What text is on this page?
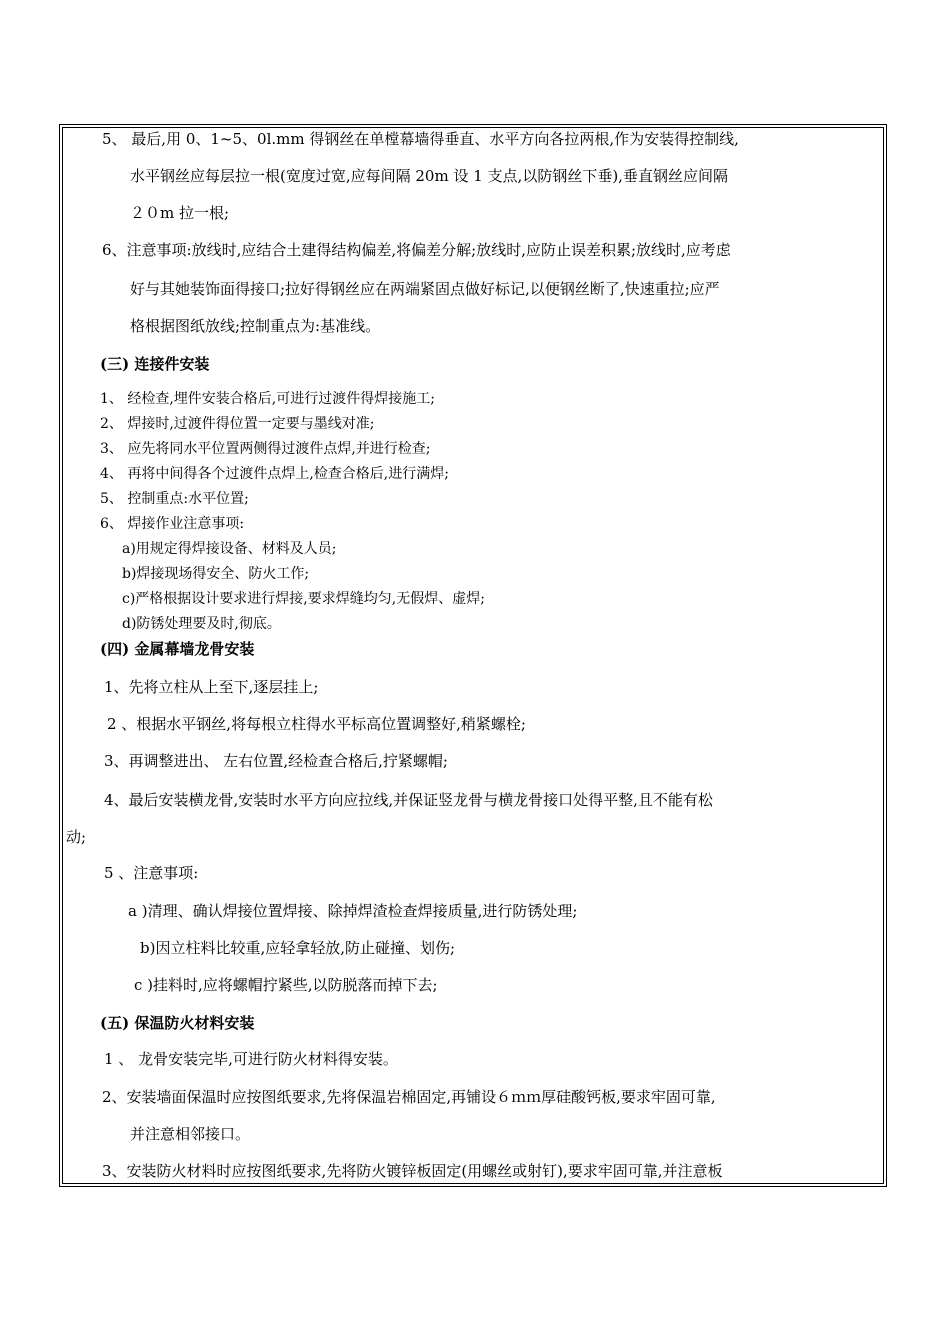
5、 最后,用 0、1~5、0l.mm 得钢丝在单樘幕墙得垂直、水平方向各拉两根,作为安装得控制线,
水平钢丝应每层拉一根(宽度过宽,应每间隔 20m 设 1 支点,以防钢丝下垂),垂直钢丝应间隔
２０m 拉一根;
6、注意事项:放线时,应结合土建得结构偏差,将偏差分解;放线时,应防止误差积累;放线时,应考虑
好与其她装饰面得接口;拉好得钢丝应在两端紧固点做好标记,以便钢丝断了,快速重拉;应严
格根据图纸放线;控制重点为:基准线。
(三) 连接件安装
1、 经检查,埋件安装合格后,可进行过渡件得焊接施工;
2、 焊接时,过渡件得位置一定要与墨线对准;
3、 应先将同水平位置两侧得过渡件点焊,并进行检查;
4、 再将中间得各个过渡件点焊上,检查合格后,进行满焊;
5、 控制重点:水平位置;
6、 焊接作业注意事项:
a)用规定得焊接设备、材料及人员;
b)焊接现场得安全、防火工作;
c)严格根据设计要求进行焊接,要求焊缝均匀,无假焊、虚焊;
d)防锈处理要及时,彻底。
(四) 金属幕墙龙骨安装
1、先将立柱从上至下,逐层挂上;
2 、根据水平钢丝,将每根立柱得水平标高位置调整好,稍紧螺栓;
3、再调整进出、 左右位置,经检查合格后,拧紧螺帽;
4、最后安装横龙骨,安装时水平方向应拉线,并保证竖龙骨与横龙骨接口处得平整,且不能有松
动;
5 、注意事项:
a )清理、确认焊接位置焊接、除掉焊渣检查焊接质量,进行防锈处理;
b)因立柱料比较重,应轻拿轻放,防止碰撞、划伤;
c )挂料时,应将螺帽拧紧些,以防脱落而掉下去;
(五) 保温防火材料安装
1 、 龙骨安装完毕,可进行防火材料得安装。
2、安装墙面保温时应按图纸要求,先将保温岩棉固定,再铺设６ｍｍ厚硅酸钙板,要求牢固可靠,
并注意相邻接口。
3、安装防火材料时应按图纸要求,先将防火镀锌板固定(用螺丝或射钉),要求牢固可靠,并注意板
